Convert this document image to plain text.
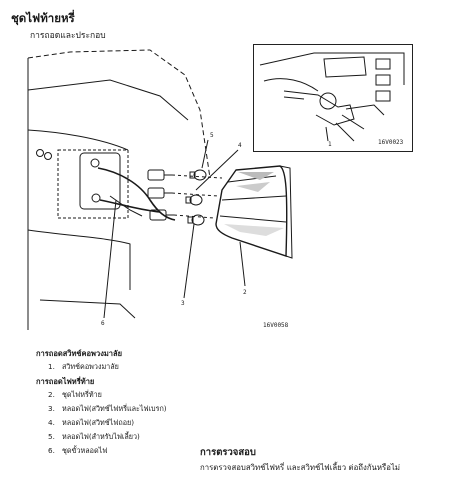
ชุดไฟท้ายหรี่
การถอดและประกอบ
5
4
2
3
6	16V0058
1	16V0023
การถอดสวิทช์คอพวงมาลัย
1. สวิทช์คอพวงมาลัย
การถอดไฟหรี่ท้าย
2. ชุดไฟหรี่ท้าย
3. หลอดไฟ(สวิทช์ไฟหรี่และไฟเบรก)
4. หลอดไฟ(สวิทช์ไฟถอย)
5. หลอดไฟ(สำหรับไฟเลี้ยว)
6. ชุดขั้วหลอดไฟ	การตรวจสอบ
การตรวจสอบสวิทช์ไฟหรี่ และสวิทช์ไฟเลี้ยว ต่อถึงกันหรือไม่
